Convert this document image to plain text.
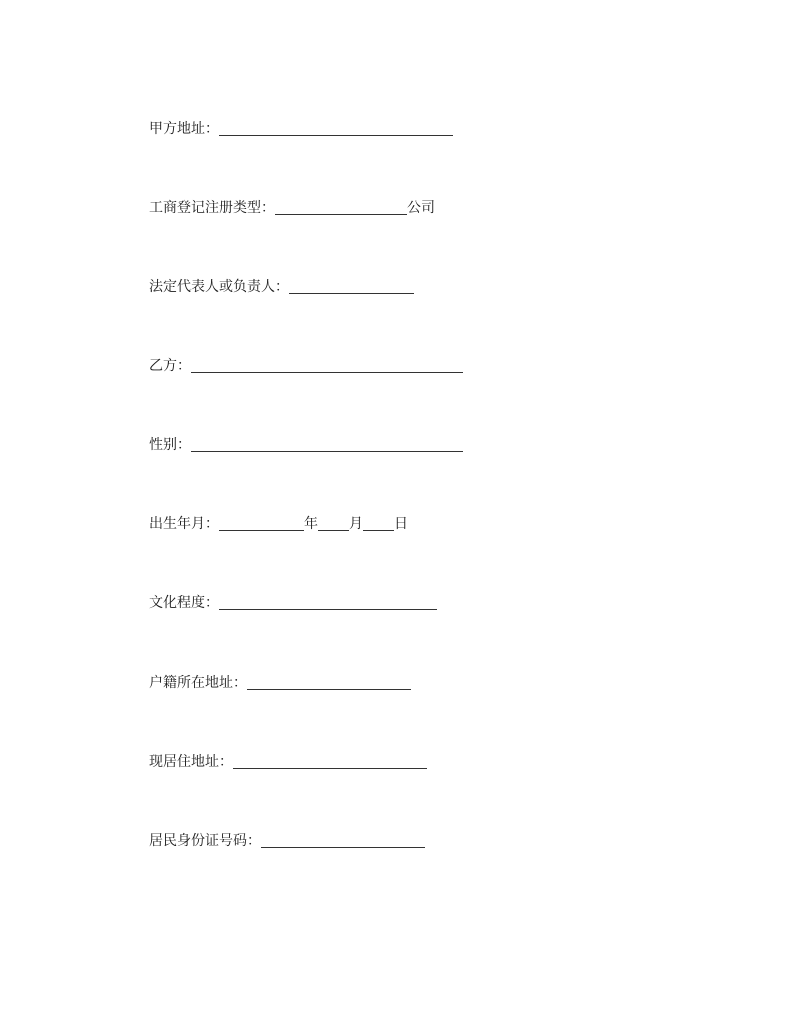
甲方地址：
工商登记注册类型：	公司
法定代表人或负责人：
乙方：
性别：
出生年月：	年 月 日
文化程度：
户籍所在地址：
现居住地址：
居民身份证号码：
